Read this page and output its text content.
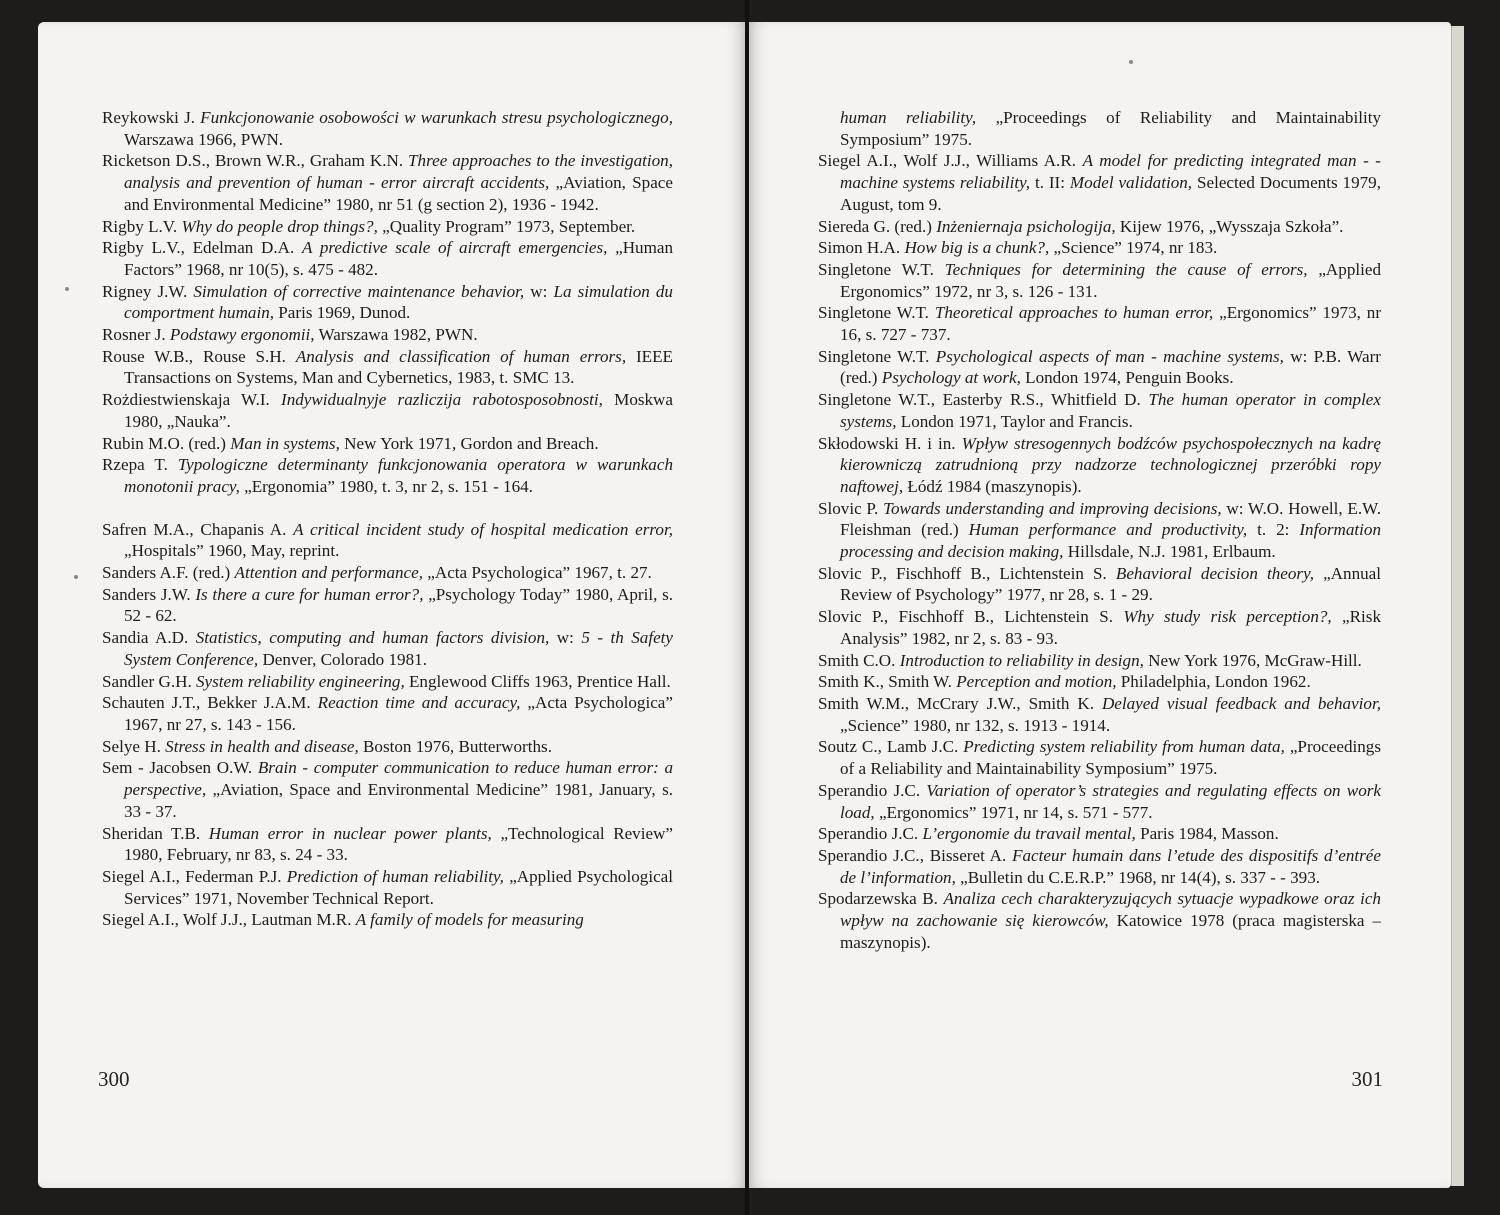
Reykowski J. Funkcjonowanie osobowości w warunkach stresu psychologicznego, Warszawa 1966, PWN.
Ricketson D.S., Brown W.R., Graham K.N. Three approaches to the investigation, analysis and prevention of human - error aircraft accidents, „Aviation, Space and Environmental Medicine” 1980, nr 51 (g section 2), 1936 - 1942.
Rigby L.V. Why do people drop things?, „Quality Program” 1973, September.
Rigby L.V., Edelman D.A. A predictive scale of aircraft emergencies, „Human Factors” 1968, nr 10(5), s. 475 - 482.
Rigney J.W. Simulation of corrective maintenance behavior, w: La simulation du comportment humain, Paris 1969, Dunod.
Rosner J. Podstawy ergonomii, Warszawa 1982, PWN.
Rouse W.B., Rouse S.H. Analysis and classification of human errors, IEEE Transactions on Systems, Man and Cybernetics, 1983, t. SMC 13.
Rożdiestwienskaja W.I. Indywidualnyje razliczija rabotosposobnosti, Moskwa 1980, „Nauka”.
Rubin M.O. (red.) Man in systems, New York 1971, Gordon and Breach.
Rzepa T. Typologiczne determinanty funkcjonowania operatora w warunkach monotonii pracy, „Ergonomia” 1980, t. 3, nr 2, s. 151 - 164.
Safren M.A., Chapanis A. A critical incident study of hospital medication error, „Hospitals” 1960, May, reprint.
Sanders A.F. (red.) Attention and performance, „Acta Psychologica” 1967, t. 27.
Sanders J.W. Is there a cure for human error?, „Psychology Today” 1980, April, s. 52 - 62.
Sandia A.D. Statistics, computing and human factors division, w: 5 - th Safety System Conference, Denver, Colorado 1981.
Sandler G.H. System reliability engineering, Englewood Cliffs 1963, Prentice Hall.
Schauten J.T., Bekker J.A.M. Reaction time and accuracy, „Acta Psychologica” 1967, nr 27, s. 143 - 156.
Selye H. Stress in health and disease, Boston 1976, Butterworths.
Sem - Jacobsen O.W. Brain - computer communication to reduce human error: a perspective, „Aviation, Space and Environmental Medicine” 1981, January, s. 33 - 37.
Sheridan T.B. Human error in nuclear power plants, „Technological Review” 1980, February, nr 83, s. 24 - 33.
Siegel A.I., Federman P.J. Prediction of human reliability, „Applied Psychological Services” 1971, November Technical Report.
Siegel A.I., Wolf J.J., Lautman M.R. A family of models for measuring
300
human reliability, „Proceedings of Reliability and Maintainability Symposium” 1975.
Siegel A.I., Wolf J.J., Williams A.R. A model for predicting integrated man - - machine systems reliability, t. II: Model validation, Selected Documents 1979, August, tom 9.
Siereda G. (red.) Inżeniernaja psichologija, Kijew 1976, „Wysszaja Szkoła”.
Simon H.A. How big is a chunk?, „Science” 1974, nr 183.
Singletone W.T. Techniques for determining the cause of errors, „Applied Ergonomics” 1972, nr 3, s. 126 - 131.
Singletone W.T. Theoretical approaches to human error, „Ergonomics” 1973, nr 16, s. 727 - 737.
Singletone W.T. Psychological aspects of man - machine systems, w: P.B. Warr (red.) Psychology at work, London 1974, Penguin Books.
Singletone W.T., Easterby R.S., Whitfield D. The human operator in complex systems, London 1971, Taylor and Francis.
Skłodowski H. i in. Wpływ stresogennych bodźców psychospołecznych na kadrę kierowniczą zatrudnioną przy nadzorze technologicznej przeróbki ropy naftowej, Łódź 1984 (maszynopis).
Slovic P. Towards understanding and improving decisions, w: W.O. Howell, E.W. Fleishman (red.) Human performance and productivity, t. 2: Information processing and decision making, Hillsdale, N.J. 1981, Erlbaum.
Slovic P., Fischhoff B., Lichtenstein S. Behavioral decision theory, „Annual Review of Psychology” 1977, nr 28, s. 1 - 29.
Slovic P., Fischhoff B., Lichtenstein S. Why study risk perception?, „Risk Analysis” 1982, nr 2, s. 83 - 93.
Smith C.O. Introduction to reliability in design, New York 1976, McGraw-Hill.
Smith K., Smith W. Perception and motion, Philadelphia, London 1962.
Smith W.M., McCrary J.W., Smith K. Delayed visual feedback and behavior, „Science” 1980, nr 132, s. 1913 - 1914.
Soutz C., Lamb J.C. Predicting system reliability from human data, „Proceedings of a Reliability and Maintainability Symposium” 1975.
Sperandio J.C. Variation of operator’s strategies and regulating effects on work load, „Ergonomics” 1971, nr 14, s. 571 - 577.
Sperandio J.C. L’ergonomie du travail mental, Paris 1984, Masson.
Sperandio J.C., Bisseret A. Facteur humain dans l’etude des dispositifs d’entrée de l’information, „Bulletin du C.E.R.P.” 1968, nr 14(4), s. 337 - - 393.
Spodarzewska B. Analiza cech charakteryzujących sytuacje wypadkowe oraz ich wpływ na zachowanie się kierowców, Katowice 1978 (praca magisterska – maszynopis).
301
